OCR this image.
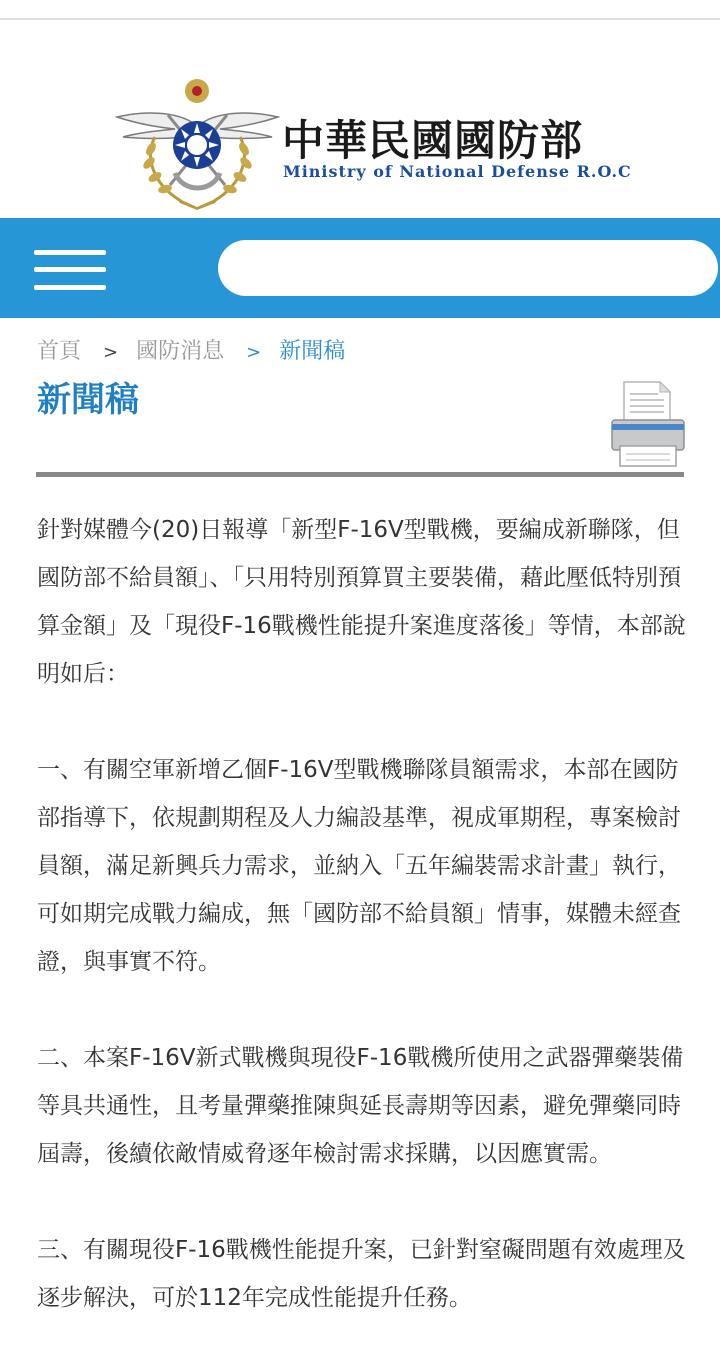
中華民國國防部
Ministry of National Defense R.O.C
首頁 > 國防消息 > 新聞稿
新聞稿

針對媒體今(20)日報導「新型F-16V型戰機，要編成新聯隊，但國防部不給員額」、「只用特別預算買主要裝備，藉此壓低特別預算金額」及「現役F-16戰機性能提升案進度落後」等情，本部說明如后：

一、有關空軍新增乙個F-16V型戰機聯隊員額需求，本部在國防部指導下，依規劃期程及人力編設基準，視成軍期程，專案檢討員額，滿足新興兵力需求，並納入「五年編裝需求計畫」執行，可如期完成戰力編成，無「國防部不給員額」情事，媒體未經查證，與事實不符。

二、本案F-16V新式戰機與現役F-16戰機所使用之武器彈藥裝備等具共通性，且考量彈藥推陳與延長壽期等因素，避免彈藥同時屆壽，後續依敵情威脅逐年檢討需求採購，以因應實需。

三、有關現役F-16戰機性能提升案，已針對窒礙問題有效處理及逐步解決，可於112年完成性能提升任務。
